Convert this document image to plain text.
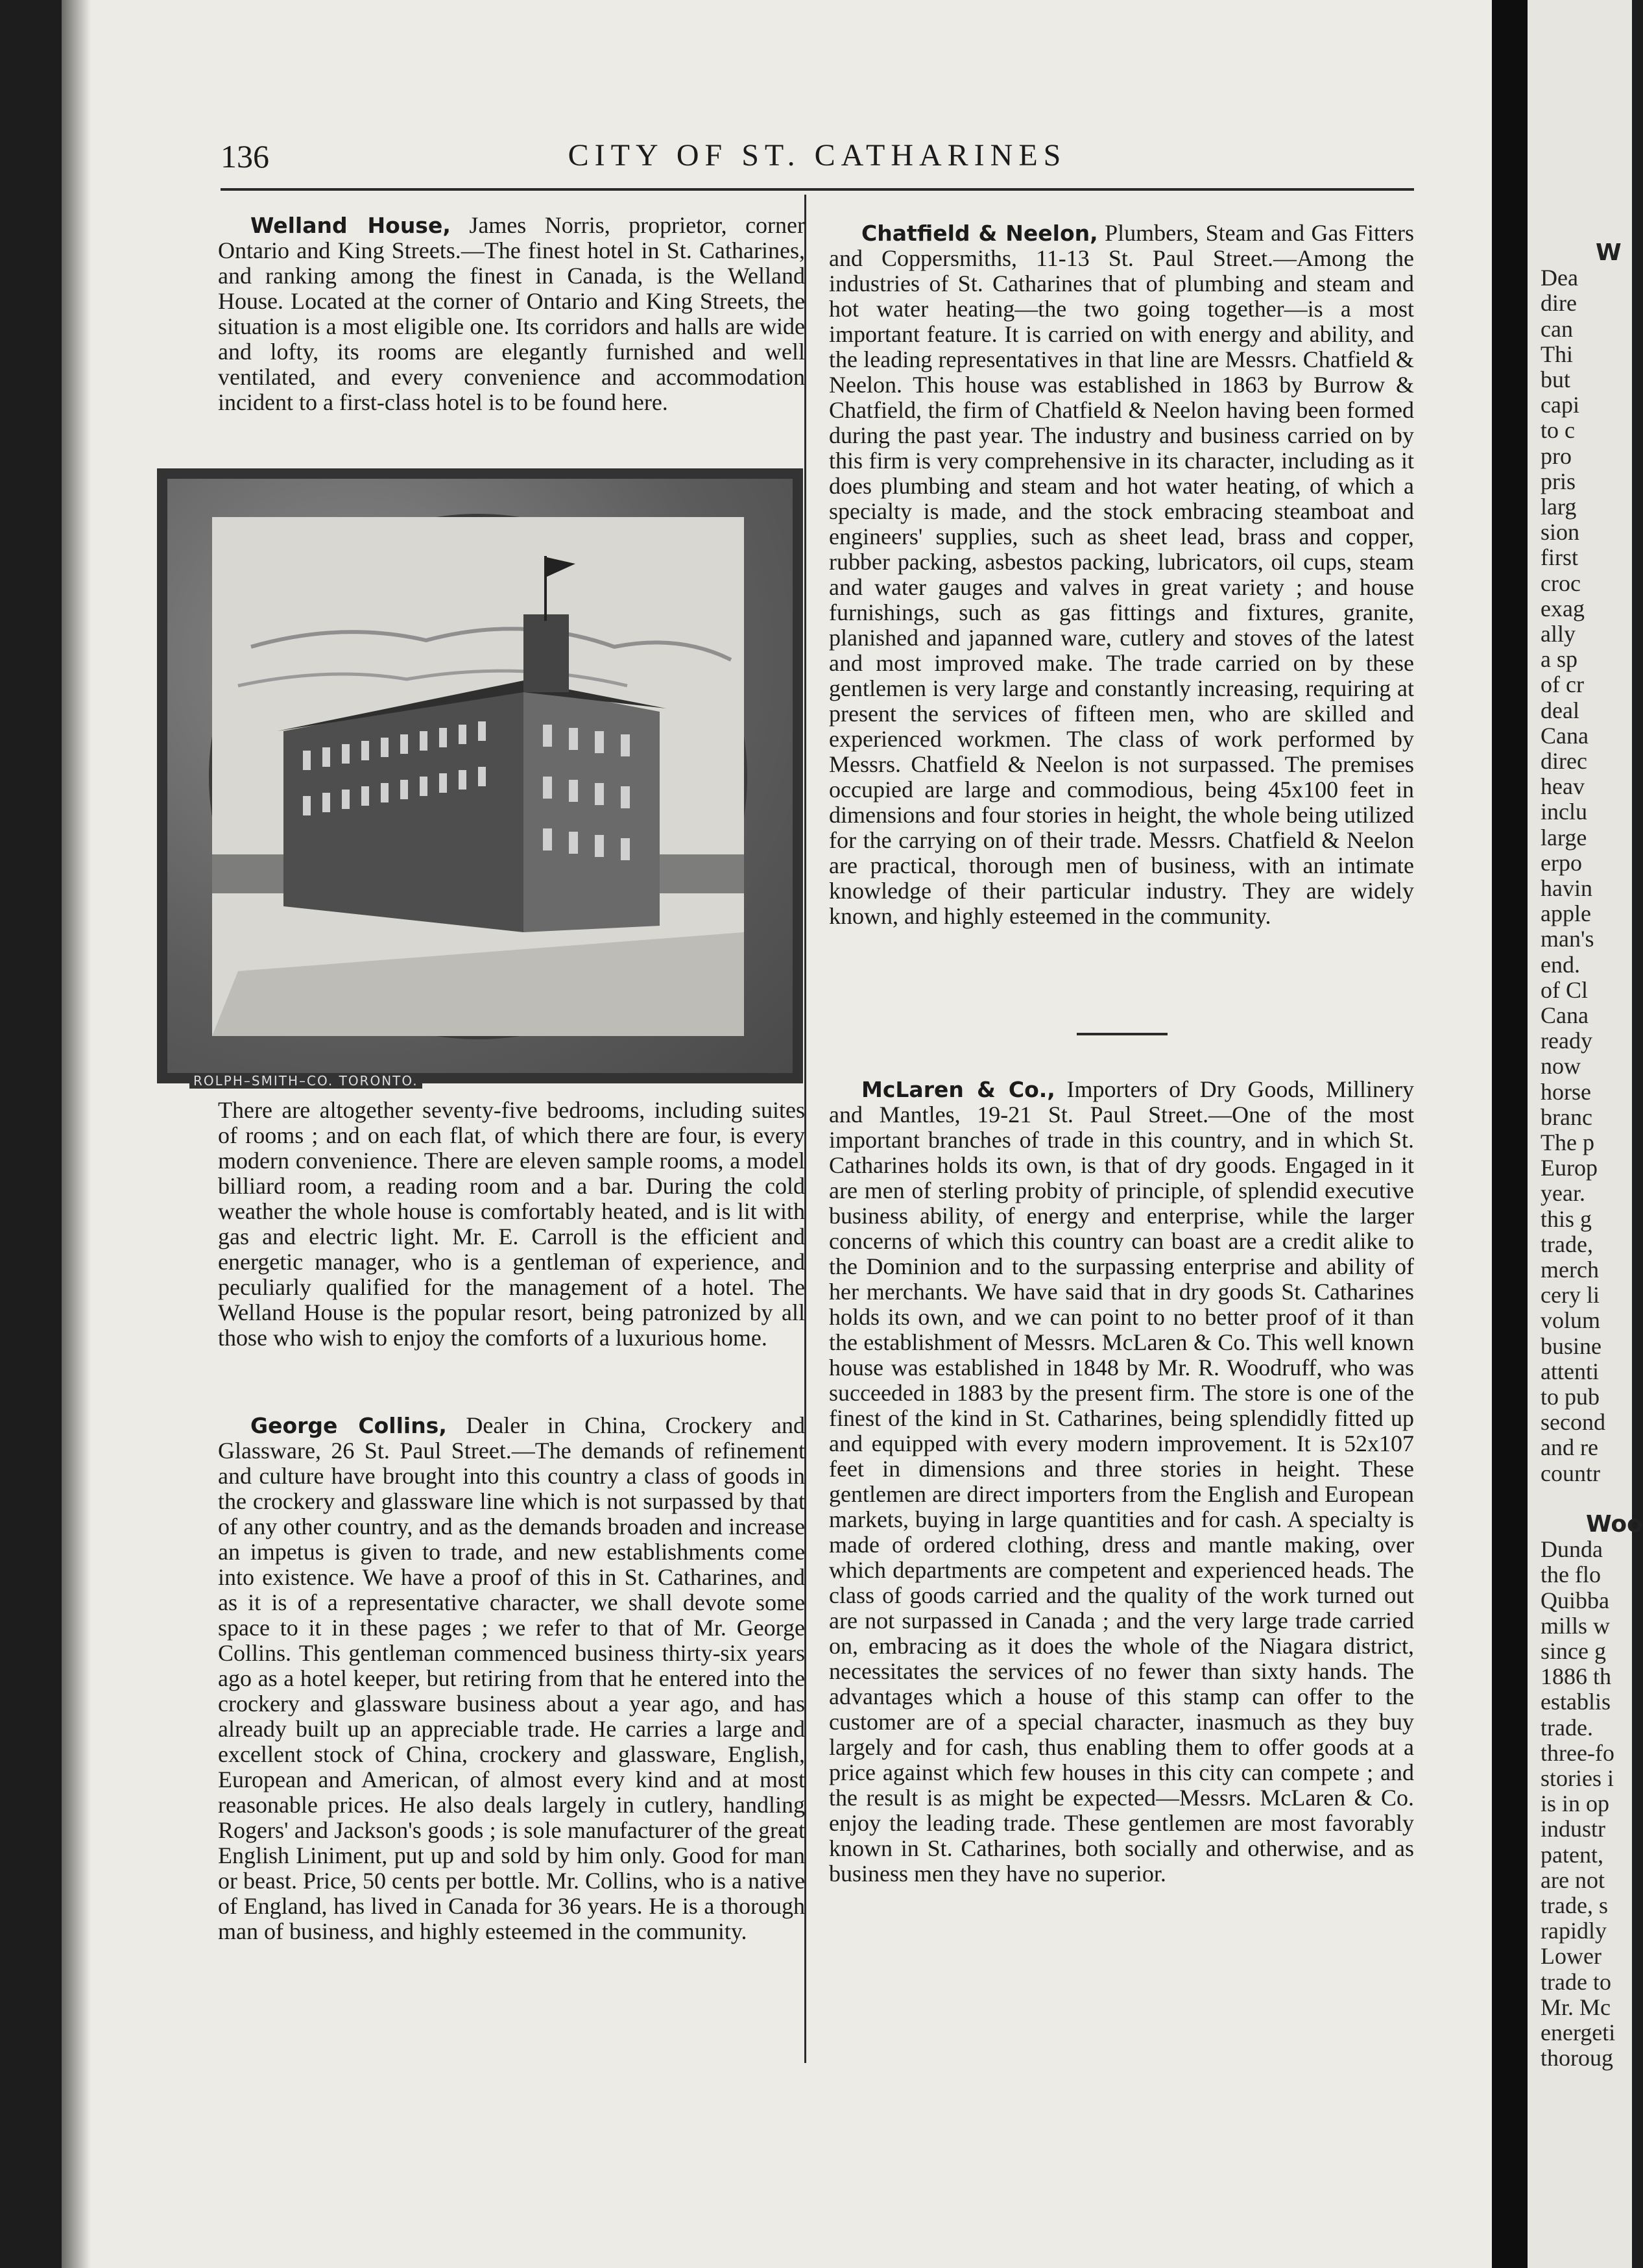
136	CITY OF ST. CATHARINES

Welland House, James Norris, proprietor, corner Ontario and King Streets.—The finest hotel in St. Catharines, and ranking among the finest in Canada, is the Welland House. Located at the corner of Ontario and King Streets, the situation is a most eligible one. Its corridors and halls are wide and lofty, its rooms are elegantly furnished and well ventilated, and every convenience and accommodation incident to a first-class hotel is to be found here.

ROLPH–SMITH–CO. TORONTO.

There are altogether seventy-five bedrooms, including suites of rooms ; and on each flat, of which there are four, is every modern convenience. There are eleven sample rooms, a model billiard room, a reading room and a bar. During the cold weather the whole house is comfortably heated, and is lit with gas and electric light. Mr. E. Carroll is the efficient and energetic manager, who is a gentleman of experience, and peculiarly qualified for the management of a hotel. The Welland House is the popular resort, being patronized by all those who wish to enjoy the comforts of a luxurious home.

George Collins, Dealer in China, Crockery and Glassware, 26 St. Paul Street.—The demands of refinement and culture have brought into this country a class of goods in the crockery and glassware line which is not surpassed by that of any other country, and as the demands broaden and increase an impetus is given to trade, and new establishments come into existence. We have a proof of this in St. Catharines, and as it is of a representative character, we shall devote some space to it in these pages ; we refer to that of Mr. George Collins. This gentleman commenced business thirty-six years ago as a hotel keeper, but retiring from that he entered into the crockery and glassware business about a year ago, and has already built up an appreciable trade. He carries a large and excellent stock of China, crockery and glassware, English, European and American, of almost every kind and at most reasonable prices. He also deals largely in cutlery, handling Rogers' and Jackson's goods ; is sole manufacturer of the great English Liniment, put up and sold by him only. Good for man or beast. Price, 50 cents per bottle. Mr. Collins, who is a native of England, has lived in Canada for 36 years. He is a thorough man of business, and highly esteemed in the community.

Chatfield & Neelon, Plumbers, Steam and Gas Fitters and Coppersmiths, 11-13 St. Paul Street.—Among the industries of St. Catharines that of plumbing and steam and hot water heating—the two going together—is a most important feature. It is carried on with energy and ability, and the leading representatives in that line are Messrs. Chatfield & Neelon. This house was established in 1863 by Burrow & Chatfield, the firm of Chatfield & Neelon having been formed during the past year. The industry and business carried on by this firm is very comprehensive in its character, including as it does plumbing and steam and hot water heating, of which a specialty is made, and the stock embracing steamboat and engineers' supplies, such as sheet lead, brass and copper, rubber packing, asbestos packing, lubricators, oil cups, steam and water gauges and valves in great variety ; and house furnishings, such as gas fittings and fixtures, granite, planished and japanned ware, cutlery and stoves of the latest and most improved make. The trade carried on by these gentlemen is very large and constantly increasing, requiring at present the services of fifteen men, who are skilled and experienced workmen. The class of work performed by Messrs. Chatfield & Neelon is not surpassed. The premises occupied are large and commodious, being 45x100 feet in dimensions and four stories in height, the whole being utilized for the carrying on of their trade. Messrs. Chatfield & Neelon are practical, thorough men of business, with an intimate knowledge of their particular industry. They are widely known, and highly esteemed in the community.

McLaren & Co., Importers of Dry Goods, Millinery and Mantles, 19-21 St. Paul Street.—One of the most important branches of trade in this country, and in which St. Catharines holds its own, is that of dry goods. Engaged in it are men of sterling probity of principle, of splendid executive business ability, of energy and enterprise, while the larger concerns of which this country can boast are a credit alike to the Dominion and to the surpassing enterprise and ability of her merchants. We have said that in dry goods St. Catharines holds its own, and we can point to no better proof of it than the establishment of Messrs. McLaren & Co. This well known house was established in 1848 by Mr. R. Woodruff, who was succeeded in 1883 by the present firm. The store is one of the finest of the kind in St. Catharines, being splendidly fitted up and equipped with every modern improvement. It is 52x107 feet in dimensions and three stories in height. These gentlemen are direct importers from the English and European markets, buying in large quantities and for cash. A specialty is made of ordered clothing, dress and mantle making, over which departments are competent and experienced heads. The class of goods carried and the quality of the work turned out are not surpassed in Canada ; and the very large trade carried on, embracing as it does the whole of the Niagara district, necessitates the services of no fewer than sixty hands. The advantages which a house of this stamp can offer to the customer are of a special character, inasmuch as they buy largely and for cash, thus enabling them to offer goods at a price against which few houses in this city can compete ; and the result is as might be expected—Messrs. McLaren & Co. enjoy the leading trade. These gentlemen are most favorably known in St. Catharines, both socially and otherwise, and as business men they have no superior.

W
Dea
dire
can
Thi
but
capi
to c
pro
pris
larg
sion
first
croc
exag
ally
a sp
of cr
deal
Cana
direc
heav
inclu
large
erpo
havin
apple
man's
end.
of Cl
Cana
ready
now
horse
branc
The p
Europ
year.
this g
trade,
merch
cery li
volum
busine
attenti
to pub
second
and re
countr
Woo
Dunda
the flo
Quibba
mills w
since g
1886 th
establis
trade.
three-fo
stories i
is in op
industr
patent,
are not
trade, s
rapidly
Lower
trade to
Mr. Mc
energeti
thoroug
